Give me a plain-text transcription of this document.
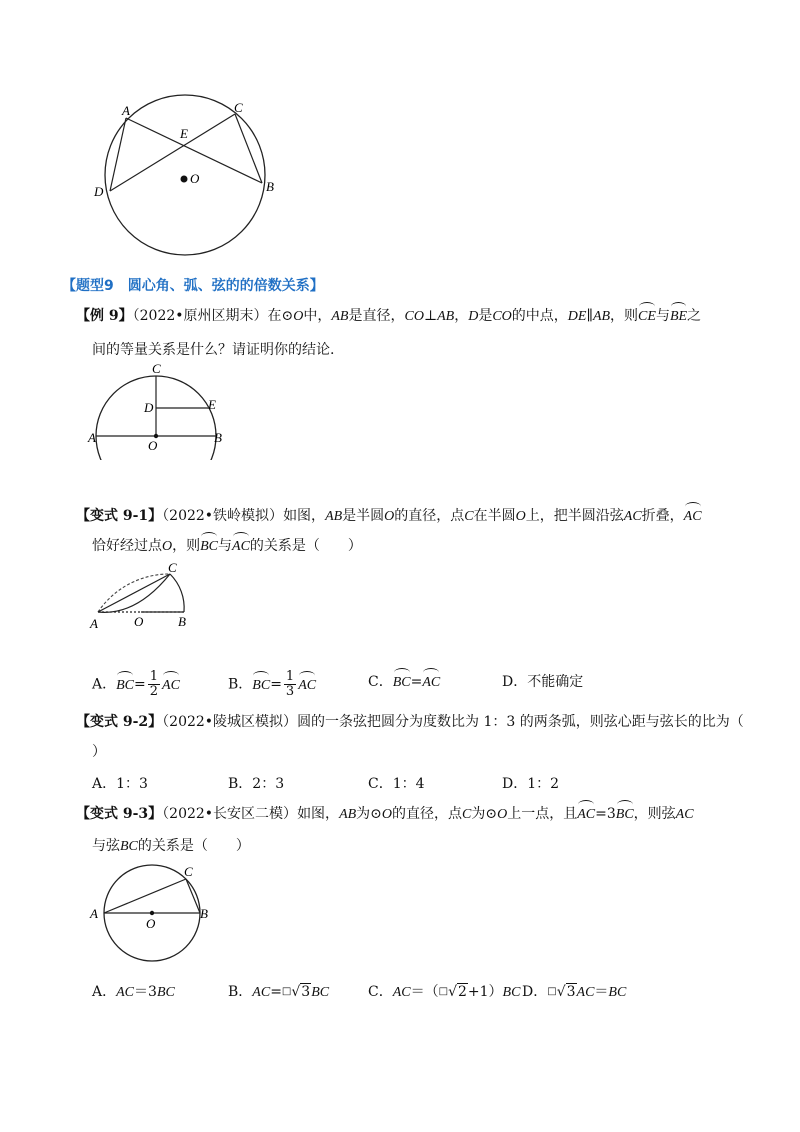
A	C
E
D
O
B
【题型9　圆心角、弧、弦的的倍数关系】
【例 9】（2022•原州区期末）在⊙O中，AB是直径，CO⊥AB，D是CO的中点，DE∥AB，则CE与BE之
间的等量关系是什么？请证明你的结论.
C
D	E
A
O
B
【变式 9-1】（2022•铁岭模拟）如图，AB是半圆O的直径，点C在半圆O上，把半圆沿弦AC折叠，AC
恰好经过点O，则BC与AC的关系是（　　）
C
A	O	B
A．$BC= \frac{1}{2}$ AC	B．$BC= \frac{1}{3}$ AC	C．BC=AC	D．不能确定
【变式 9-2】（2022•陵城区模拟）圆的一条弦把圆分为度数比为 1：3 的两条弧，则弦心距与弦长的比为（
）
A．1：3	B．2：3	C．1：4	D．1：2
【变式 9-3】（2022•长安区二模）如图，AB为⊙O的直径，点C为⊙O上一点，且AC=3BC，则弦AC
与弦BC的关系是（　　）
C
A
O
B
A．AC＝3BC	B．AC=□√3BC	C．AC＝（□√2+1）BC D．□√3AC＝BC
